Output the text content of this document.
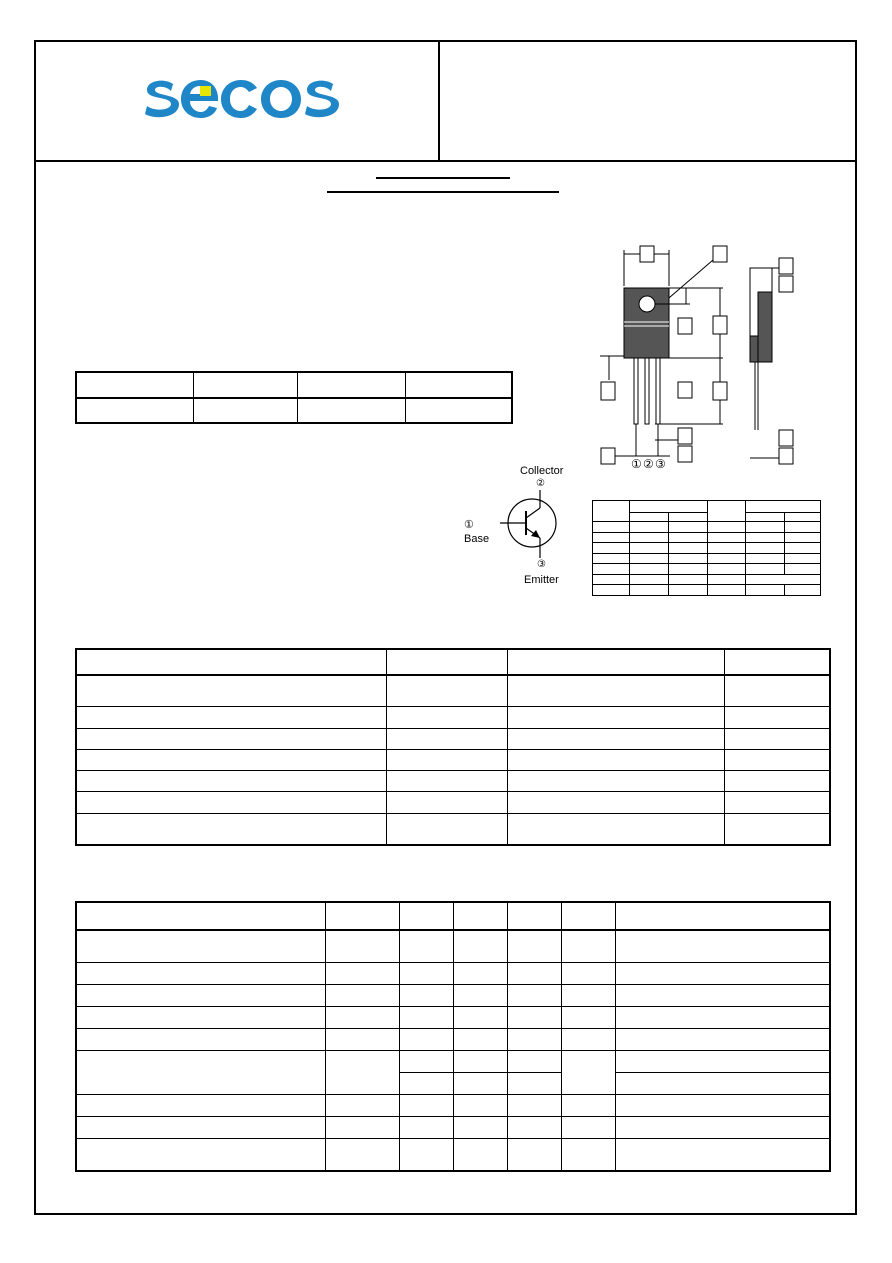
① ② ③
Collector
②
①
Base
③
Emitter
